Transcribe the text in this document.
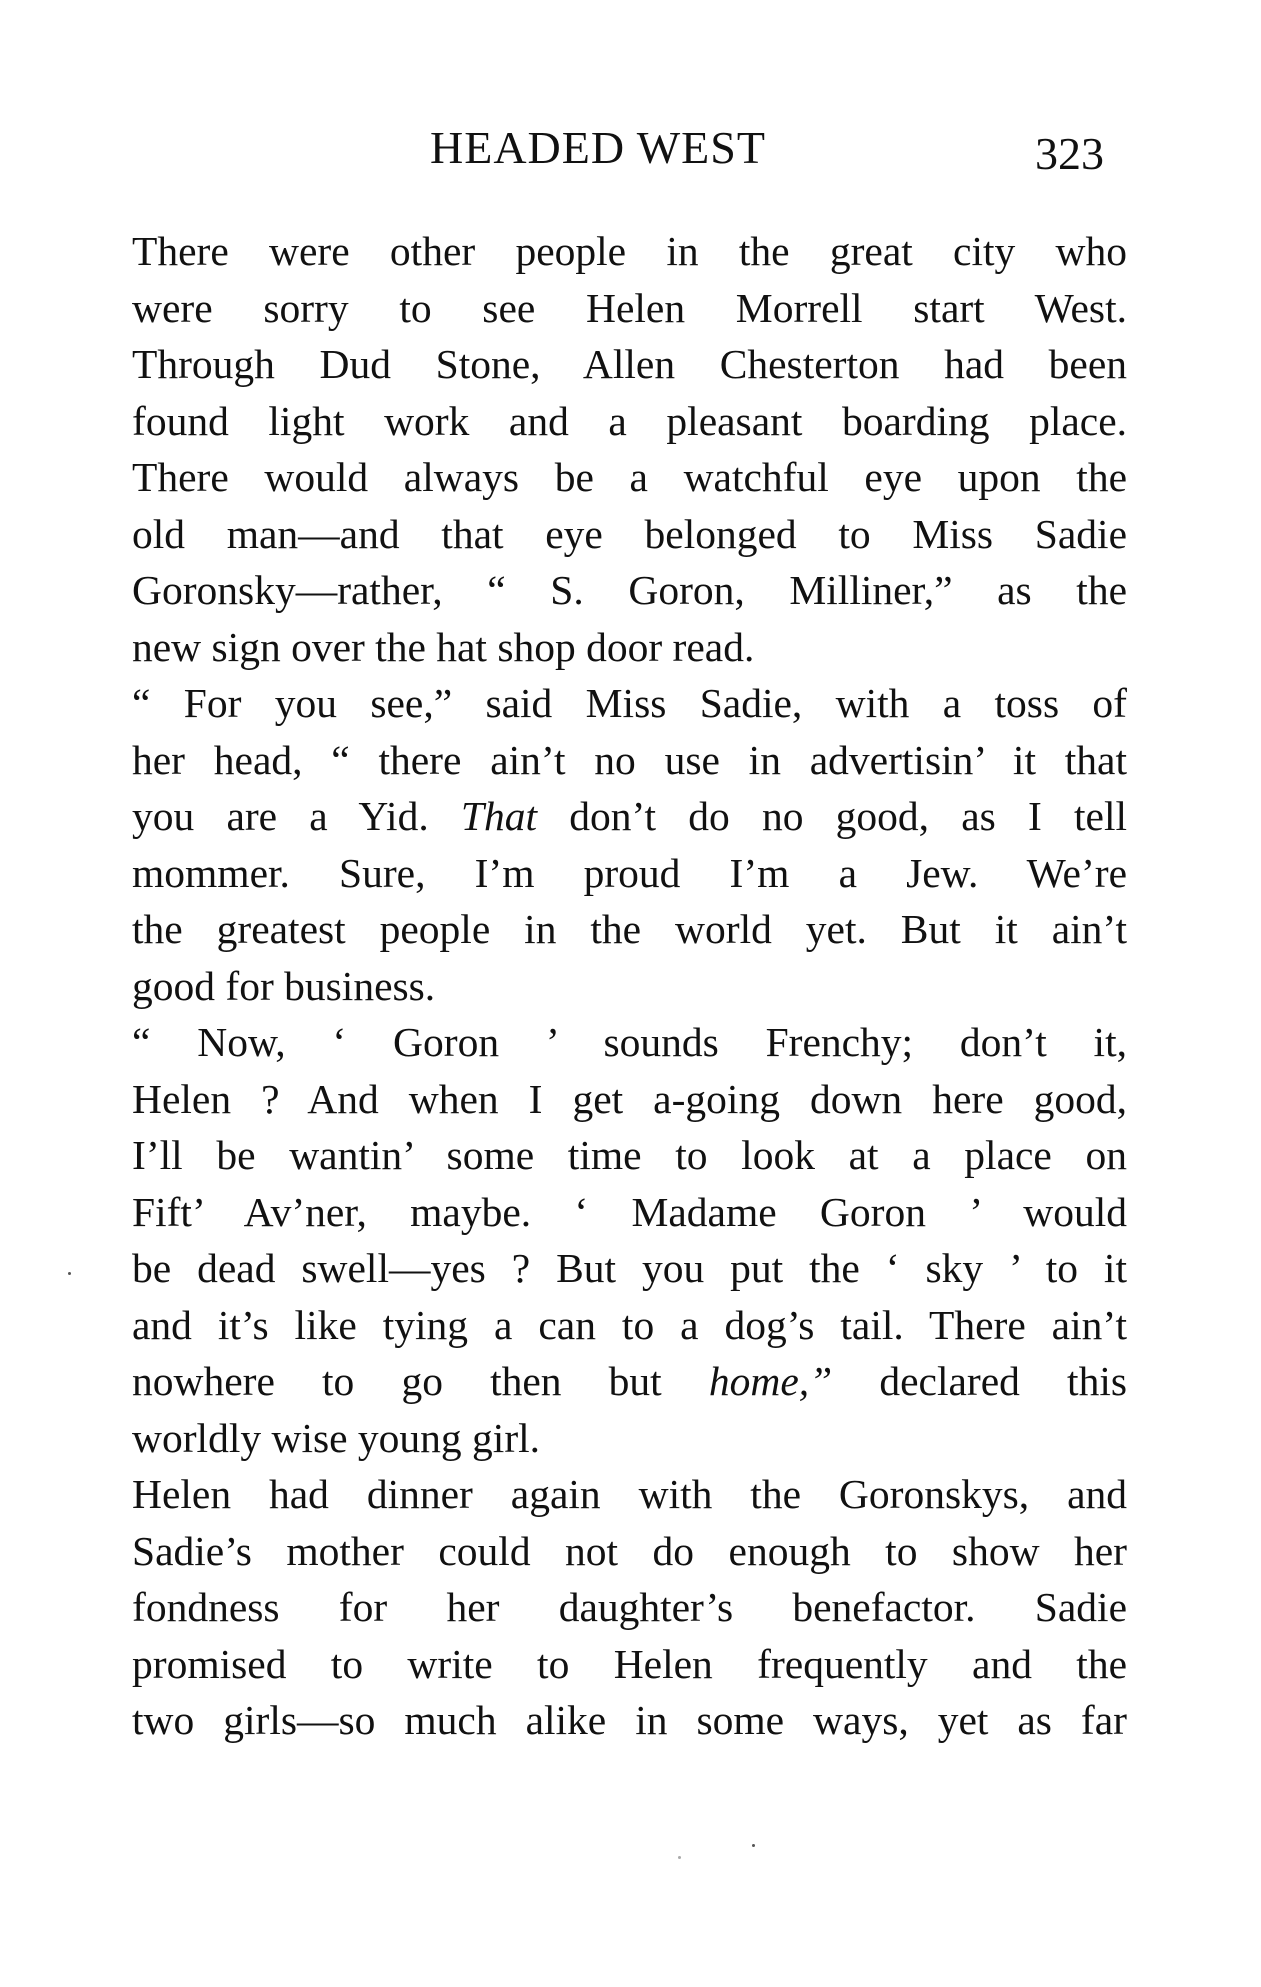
HEADED WEST	323
There were other people in the great city who
were sorry to see Helen Morrell start West.
Through Dud Stone, Allen Chesterton had been
found light work and a pleasant boarding place.
There would always be a watchful eye upon the
old man—and that eye belonged to Miss Sadie
Goronsky—rather, “ S. Goron, Milliner,” as the
new sign over the hat shop door read.
“ For you see,” said Miss Sadie, with a toss of
her head, “ there ain’t no use in advertisin’ it that
you are a Yid. That don’t do no good, as I tell
mommer. Sure, I’m proud I’m a Jew. We’re
the greatest people in the world yet. But it ain’t
good for business.
“ Now, ‘ Goron ’ sounds Frenchy; don’t it,
Helen ? And when I get a-going down here good,
I’ll be wantin’ some time to look at a place on
Fift’ Av’ner, maybe. ‘ Madame Goron ’ would
be dead swell—yes ? But you put the ‘ sky ’ to it
and it’s like tying a can to a dog’s tail. There ain’t
nowhere to go then but home,” declared this
worldly wise young girl.
Helen had dinner again with the Goronskys, and
Sadie’s mother could not do enough to show her
fondness for her daughter’s benefactor. Sadie
promised to write to Helen frequently and the
two girls—so much alike in some ways, yet as far
